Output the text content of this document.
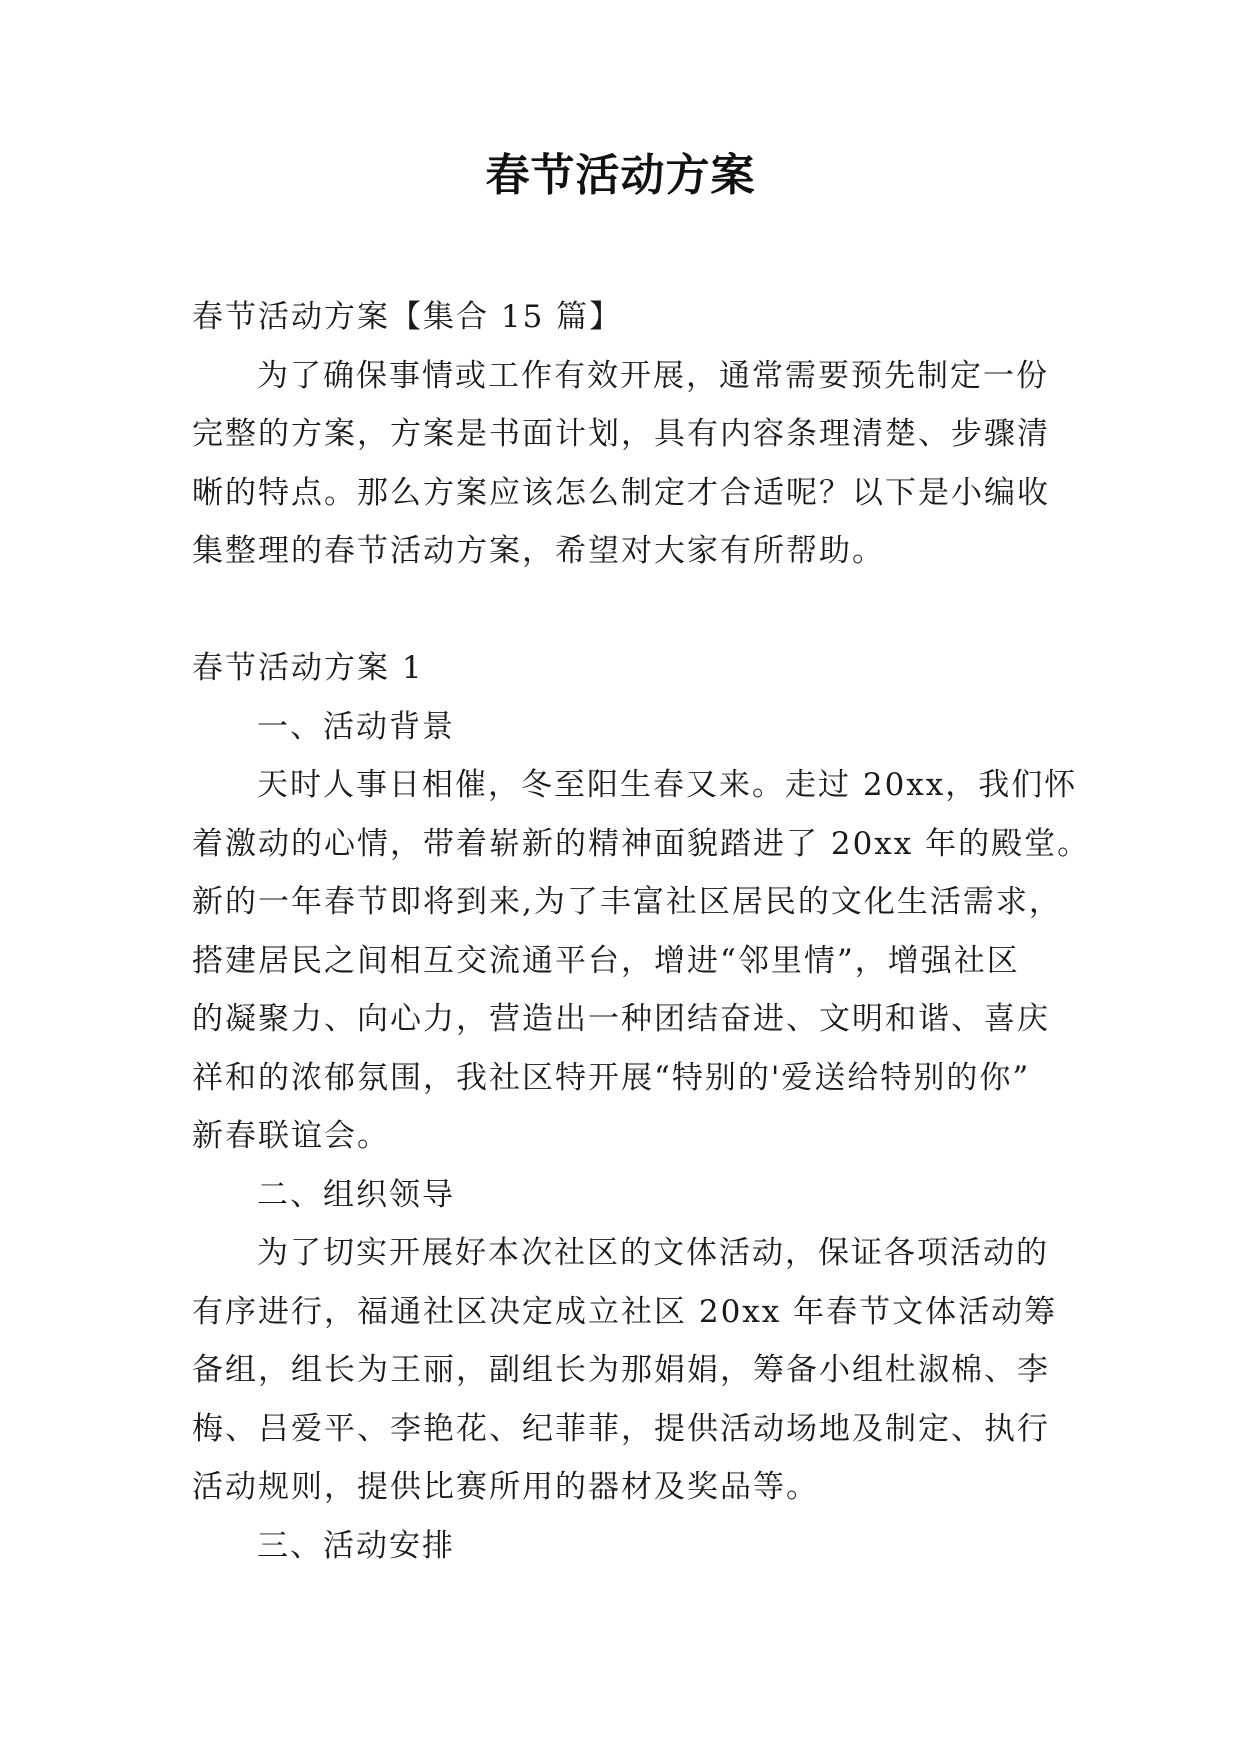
春节活动方案
春节活动方案【集合 15 篇】
为了确保事情或工作有效开展，通常需要预先制定一份
完整的方案，方案是书面计划，具有内容条理清楚、步骤清
晰的特点。那么方案应该怎么制定才合适呢？以下是小编收
集整理的春节活动方案，希望对大家有所帮助。
春节活动方案 1
一、活动背景
天时人事日相催，冬至阳生春又来。走过 20xx，我们怀
着激动的心情，带着崭新的精神面貌踏进了 20xx 年的殿堂。
新的一年春节即将到来,为了丰富社区居民的文化生活需求，
搭建居民之间相互交流通平台，增进“邻里情”，增强社区
的凝聚力、向心力，营造出一种团结奋进、文明和谐、喜庆
祥和的浓郁氛围，我社区特开展“特别的'爱送给特别的你”
新春联谊会。
二、组织领导
为了切实开展好本次社区的文体活动，保证各项活动的
有序进行，福通社区决定成立社区 20xx 年春节文体活动筹
备组，组长为王丽，副组长为那娟娟，筹备小组杜淑棉、李
梅、吕爱平、李艳花、纪菲菲，提供活动场地及制定、执行
活动规则，提供比赛所用的器材及奖品等。
三、活动安排
